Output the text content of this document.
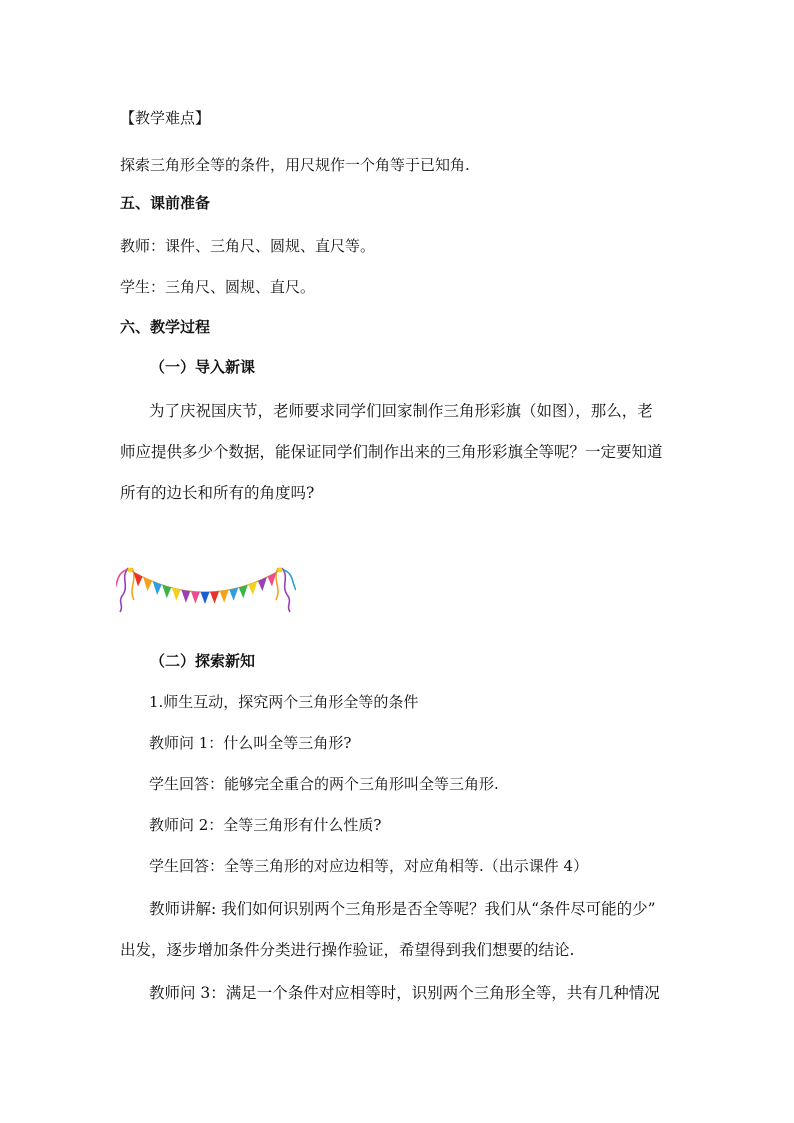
【教学难点】
探索三角形全等的条件，用尺规作一个角等于已知角.
五、课前准备
教师：课件、三角尺、圆规、直尺等。
学生：三角尺、圆规、直尺。
六、教学过程
（一）导入新课
为了庆祝国庆节，老师要求同学们回家制作三角形彩旗（如图），那么，老
师应提供多少个数据，能保证同学们制作出来的三角形彩旗全等呢？一定要知道
所有的边长和所有的角度吗?
（二）探索新知
1.师生互动，探究两个三角形全等的条件
教师问 1：什么叫全等三角形?
学生回答：能够完全重合的两个三角形叫全等三角形.
教师问 2：全等三角形有什么性质?
学生回答：全等三角形的对应边相等，对应角相等.（出示课件 4）
教师讲解: 我们如何识别两个三角形是否全等呢？我们从“条件尽可能的少”
出发，逐步增加条件分类进行操作验证，希望得到我们想要的结论.
教师问 3：满足一个条件对应相等时，识别两个三角形全等，共有几种情况
